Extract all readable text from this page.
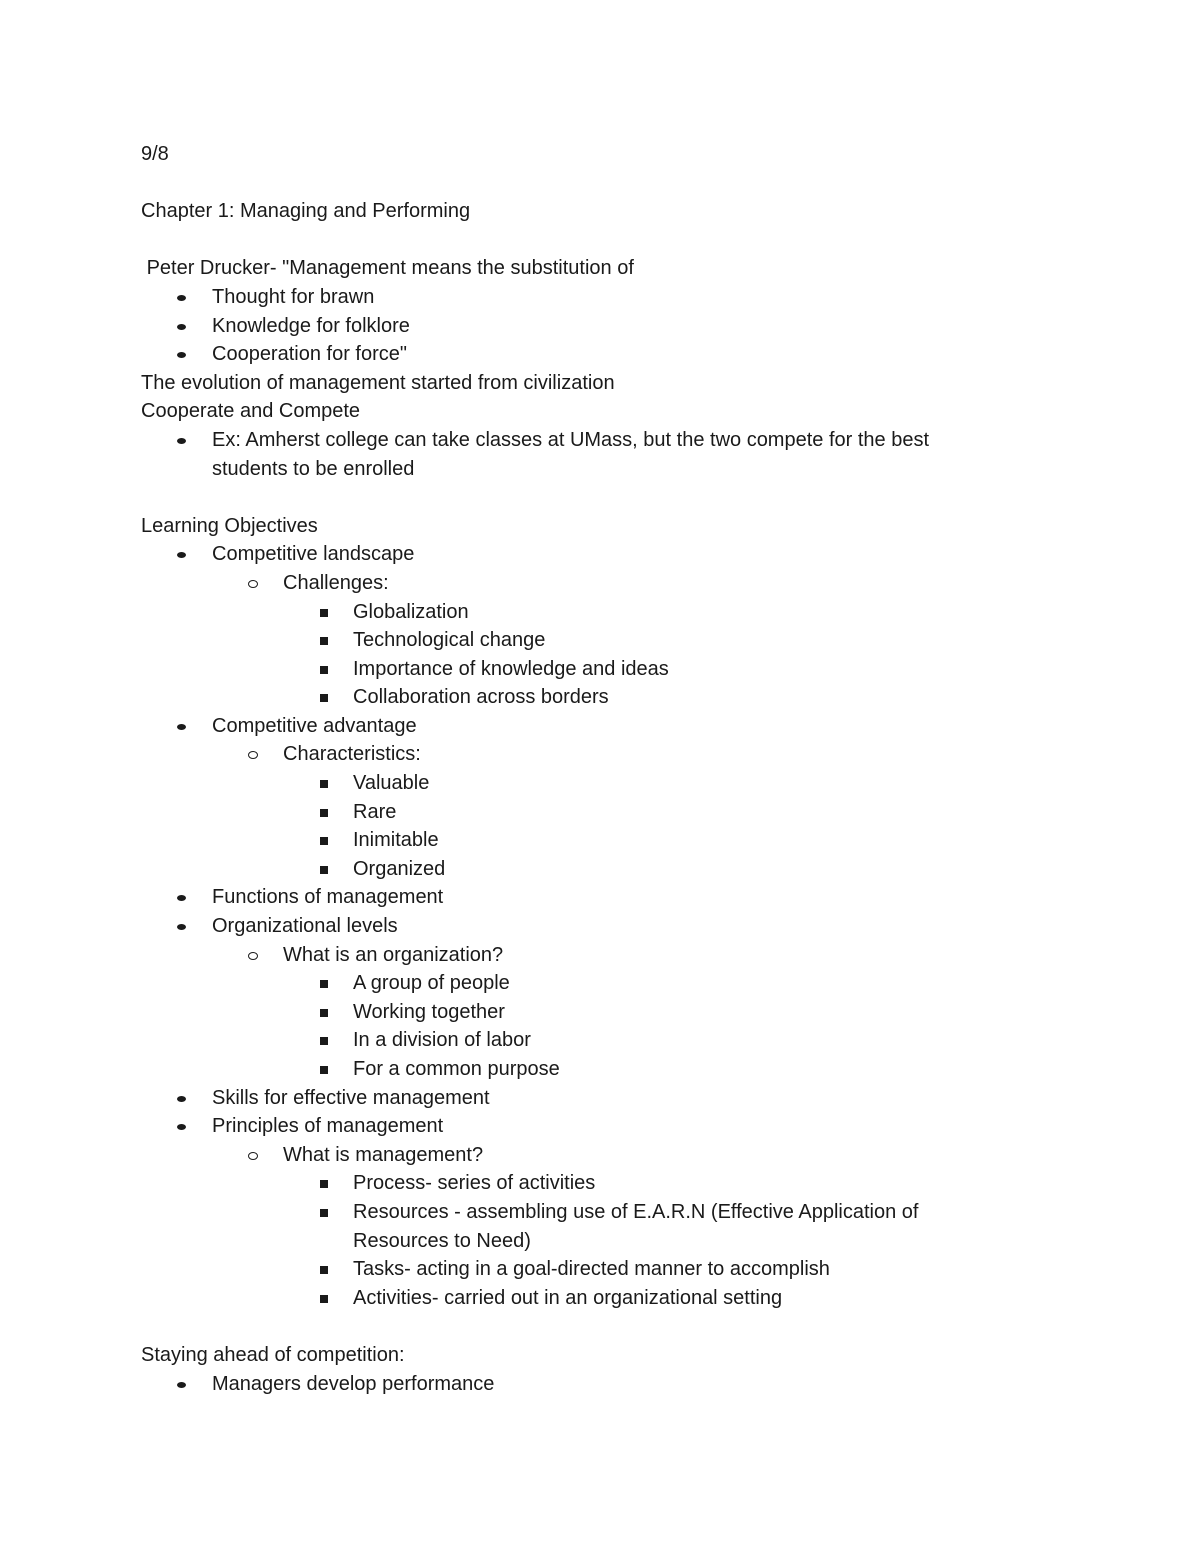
9/8

Chapter 1: Managing and Performing

Peter Drucker- "Management means the substitution of

Thought for brawn
Knowledge for folklore
Cooperation for force"

The evolution of management started from civilization

Cooperate and Compete

Ex: Amherst college can take classes at UMass, but the two compete for the best students to be enrolled

Learning Objectives

Competitive landscape
Challenges:
Globalization
Technological change
Importance of knowledge and ideas
Collaboration across borders
Competitive advantage
Characteristics:
Valuable
Rare
Inimitable
Organized
Functions of management
Organizational levels
What is an organization?
A group of people
Working together
In a division of labor
For a common purpose
Skills for effective management
Principles of management
What is management?
Process- series of activities
Resources - assembling use of E.A.R.N (Effective Application of Resources to Need)
Tasks- acting in a goal-directed manner to accomplish
Activities- carried out in an organizational setting

Staying ahead of competition:

Managers develop performance
